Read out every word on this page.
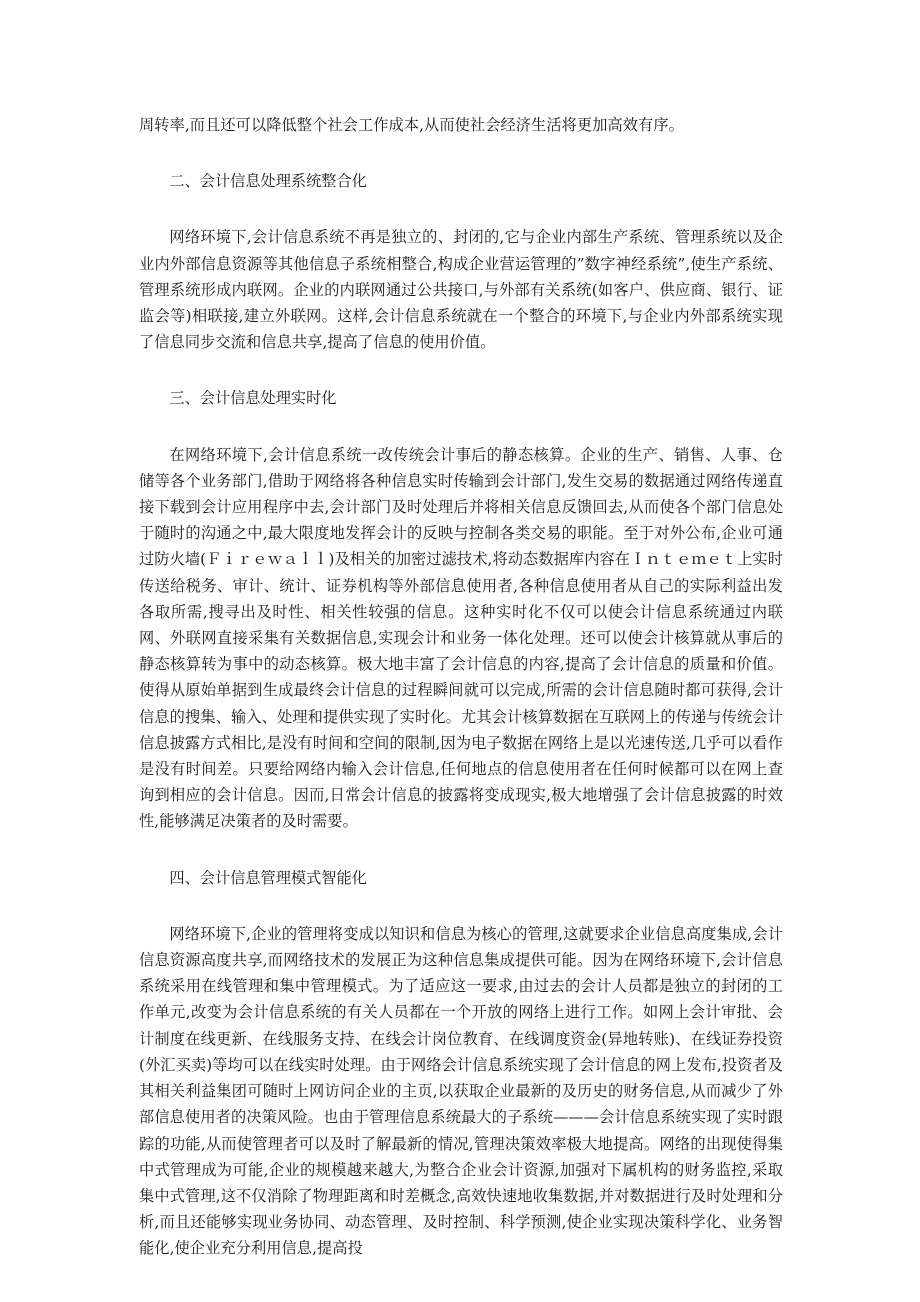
周转率,而且还可以降低整个社会工作成本,从而使社会经济生活将更加高效有序。

二、会计信息处理系统整合化

网络环境下,会计信息系统不再是独立的、封闭的,它与企业内部生产系统、管理系统以及企业内外部信息资源等其他信息子系统相整合,构成企业营运管理的”数字神经系统”,使生产系统、管理系统形成内联网。企业的内联网通过公共接口,与外部有关系统(如客户、供应商、银行、证监会等)相联接,建立外联网。这样,会计信息系统就在一个整合的环境下,与企业内外部系统实现了信息同步交流和信息共享,提高了信息的使用价值。

三、会计信息处理实时化

在网络环境下,会计信息系统一改传统会计事后的静态核算。企业的生产、销售、人事、仓储等各个业务部门,借助于网络将各种信息实时传输到会计部门,发生交易的数据通过网络传递直接下载到会计应用程序中去,会计部门及时处理后并将相关信息反馈回去,从而使各个部门信息处于随时的沟通之中,最大限度地发挥会计的反映与控制各类交易的职能。至于对外公布,企业可通过防火墙(Ｆｉｒｅｗａｌｌ)及相关的加密过滤技术,将动态数据库内容在Ｉｎｔｅｍｅｔ上实时传送给税务、审计、统计、证券机构等外部信息使用者,各种信息使用者从自己的实际利益出发各取所需,搜寻出及时性、相关性较强的信息。这种实时化不仅可以使会计信息系统通过内联网、外联网直接采集有关数据信息,实现会计和业务一体化处理。还可以使会计核算就从事后的静态核算转为事中的动态核算。极大地丰富了会计信息的内容,提高了会计信息的质量和价值。使得从原始单据到生成最终会计信息的过程瞬间就可以完成,所需的会计信息随时都可获得,会计信息的搜集、输入、处理和提供实现了实时化。尤其会计核算数据在互联网上的传递与传统会计信息披露方式相比,是没有时间和空间的限制,因为电子数据在网络上是以光速传送,几乎可以看作是没有时间差。只要给网络内输入会计信息,任何地点的信息使用者在任何时候都可以在网上查询到相应的会计信息。因而,日常会计信息的披露将变成现实,极大地增强了会计信息披露的时效性,能够满足决策者的及时需要。

四、会计信息管理模式智能化

网络环境下,企业的管理将变成以知识和信息为核心的管理,这就要求企业信息高度集成,会计信息资源高度共享,而网络技术的发展正为这种信息集成提供可能。因为在网络环境下,会计信息系统采用在线管理和集中管理模式。为了适应这一要求,由过去的会计人员都是独立的封闭的工作单元,改变为会计信息系统的有关人员都在一个开放的网络上进行工作。如网上会计审批、会计制度在线更新、在线服务支持、在线会计岗位教育、在线调度资金(异地转账)、在线证券投资(外汇买卖)等均可以在线实时处理。由于网络会计信息系统实现了会计信息的网上发布,投资者及其相关利益集团可随时上网访问企业的主页,以获取企业最新的及历史的财务信息,从而减少了外部信息使用者的决策风险。也由于管理信息系统最大的子系统———会计信息系统实现了实时跟踪的功能,从而使管理者可以及时了解最新的情况,管理决策效率极大地提高。网络的出现使得集中式管理成为可能,企业的规模越来越大,为整合企业会计资源,加强对下属机构的财务监控,采取集中式管理,这不仅消除了物理距离和时差概念,高效快速地收集数据,并对数据进行及时处理和分析,而且还能够实现业务协同、动态管理、及时控制、科学预测,使企业实现决策科学化、业务智能化,使企业充分利用信息,提高投
